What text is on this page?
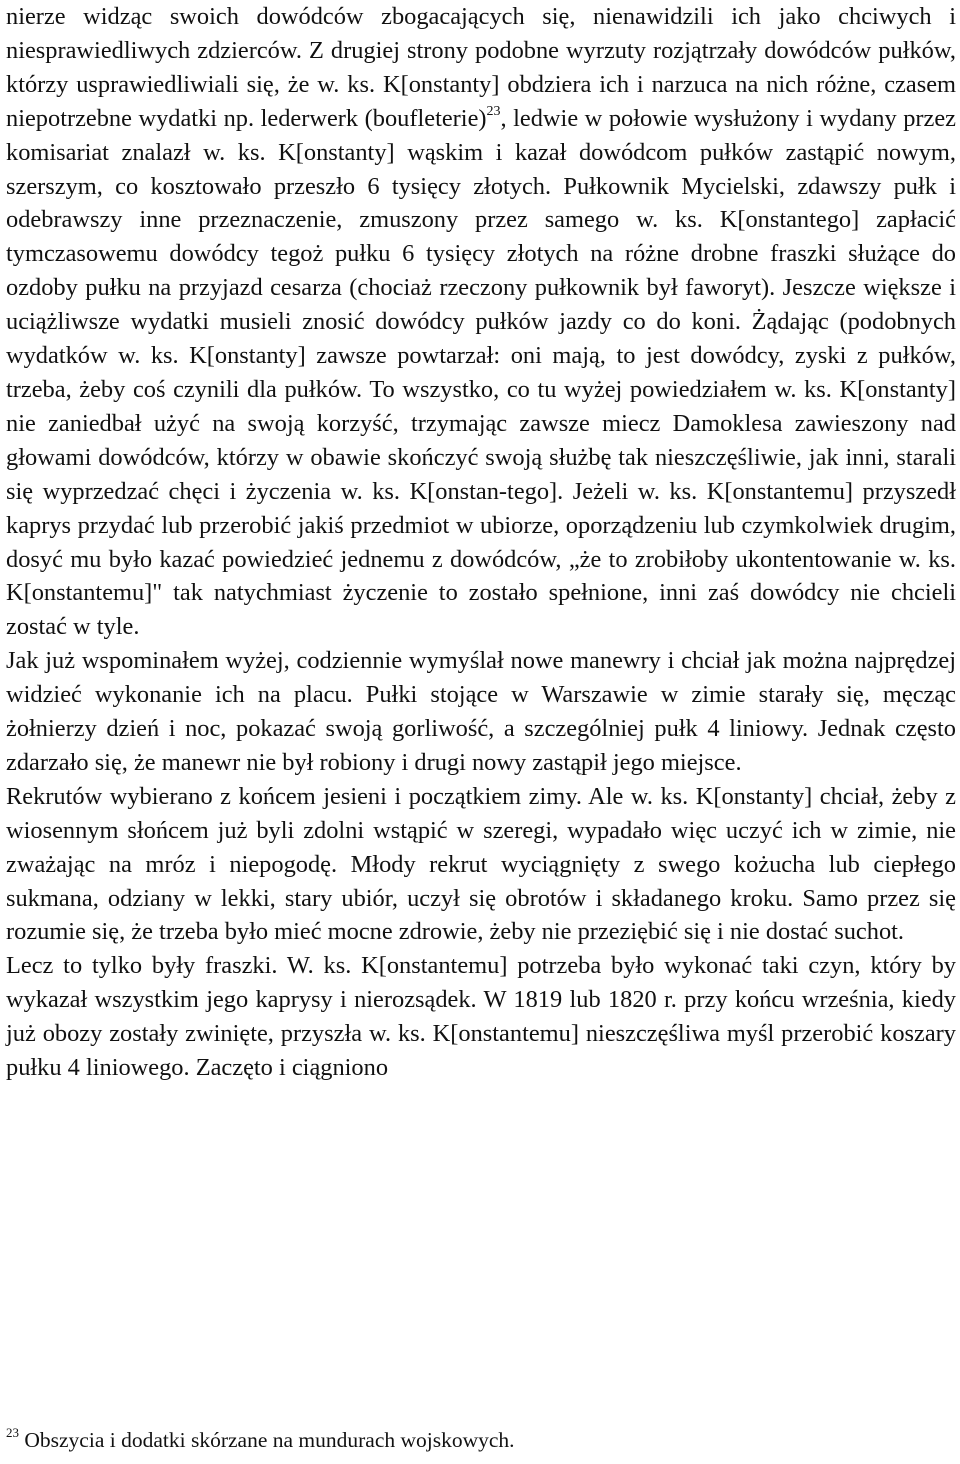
nierze widząc swoich dowódców zbogacających się, nienawidzili ich jako chciwych i niesprawiedliwych zdzierców. Z drugiej strony podobne wyrzuty rozjątrzały dowódców pułków, którzy usprawiedliwiali się, że w. ks. K[onstanty] obdziera ich i narzuca na nich różne, czasem niepotrzebne wydatki np. lederwerk (boufleterie)$^{23}$, ledwie w połowie wysłużony i wydany przez komisariat znalazł w. ks. K[onstanty] wąskim i kazał dowódcom pułków zastąpić nowym, szerszym, co kosztowało przeszło 6 tysięcy złotych. Pułkownik Mycielski, zdawszy pułk i odebrawszy inne przeznaczenie, zmuszony przez samego w. ks. K[onstantego] zapłacić tymczasowemu dowódcy tegoż pułku 6 tysięcy złotych na różne drobne fraszki służące do ozdoby pułku na przyjazd cesarza (chociaż rzeczony pułkownik był faworyt). Jeszcze większe i uciążliwsze wydatki musieli znosić dowódcy pułków jazdy co do koni. Żądając (podobnych wydatków w. ks. K[onstanty] zawsze powtarzał: oni mają, to jest dowódcy, zyski z pułków, trzeba, żeby coś czynili dla pułków. To wszystko, co tu wyżej powiedziałem w. ks. K[onstanty] nie zaniedbał użyć na swoją korzyść, trzymając zawsze miecz Damoklesa zawieszony nad głowami dowódców, którzy w obawie skończyć swoją służbę tak nieszczęśliwie, jak inni, starali się wyprzedzać chęci i życzenia w. ks. K[onstan-tego]. Jeżeli w. ks. K[onstantemu] przyszedł kaprys przydać lub przerobić jakiś przedmiot w ubiorze, oporządzeniu lub czymkolwiek drugim, dosyć mu było kazać powiedzieć jednemu z dowódców, „że to zrobiłoby ukontentowanie w. ks. K[onstantemu]" tak natychmiast życzenie to zostało spełnione, inni zaś dowódcy nie chcieli zostać w tyle.

Jak już wspominałem wyżej, codziennie wymyślał nowe manewry i chciał jak można najprędzej widzieć wykonanie ich na placu. Pułki stojące w Warszawie w zimie starały się, męcząc żołnierzy dzień i noc, pokazać swoją gorliwość, a szczególniej pułk 4 liniowy. Jednak często zdarzało się, że manewr nie był robiony i drugi nowy zastąpił jego miejsce.

Rekrutów wybierano z końcem jesieni i początkiem zimy. Ale w. ks. K[onstanty] chciał, żeby z wiosennym słońcem już byli zdolni wstąpić w szeregi, wypadało więc uczyć ich w zimie, nie zważając na mróz i niepogodę. Młody rekrut wyciągnięty z swego kożucha lub ciepłego sukmana, odziany w lekki, stary ubiór, uczył się obrotów i składanego kroku. Samo przez się rozumie się, że trzeba było mieć mocne zdrowie, żeby nie przeziębić się i nie dostać suchot.

Lecz to tylko były fraszki. W. ks. K[onstantemu] potrzeba było wykonać taki czyn, który by wykazał wszystkim jego kaprysy i nierozsądek. W 1819 lub 1820 r. przy końcu września, kiedy już obozy zostały zwinięte, przyszła w. ks. K[onstantemu] nieszczęśliwa myśl przerobić koszary pułku 4 liniowego. Zaczęto i ciągniono

$^{23}$ Obszycia i dodatki skórzane na mundurach wojskowych.
